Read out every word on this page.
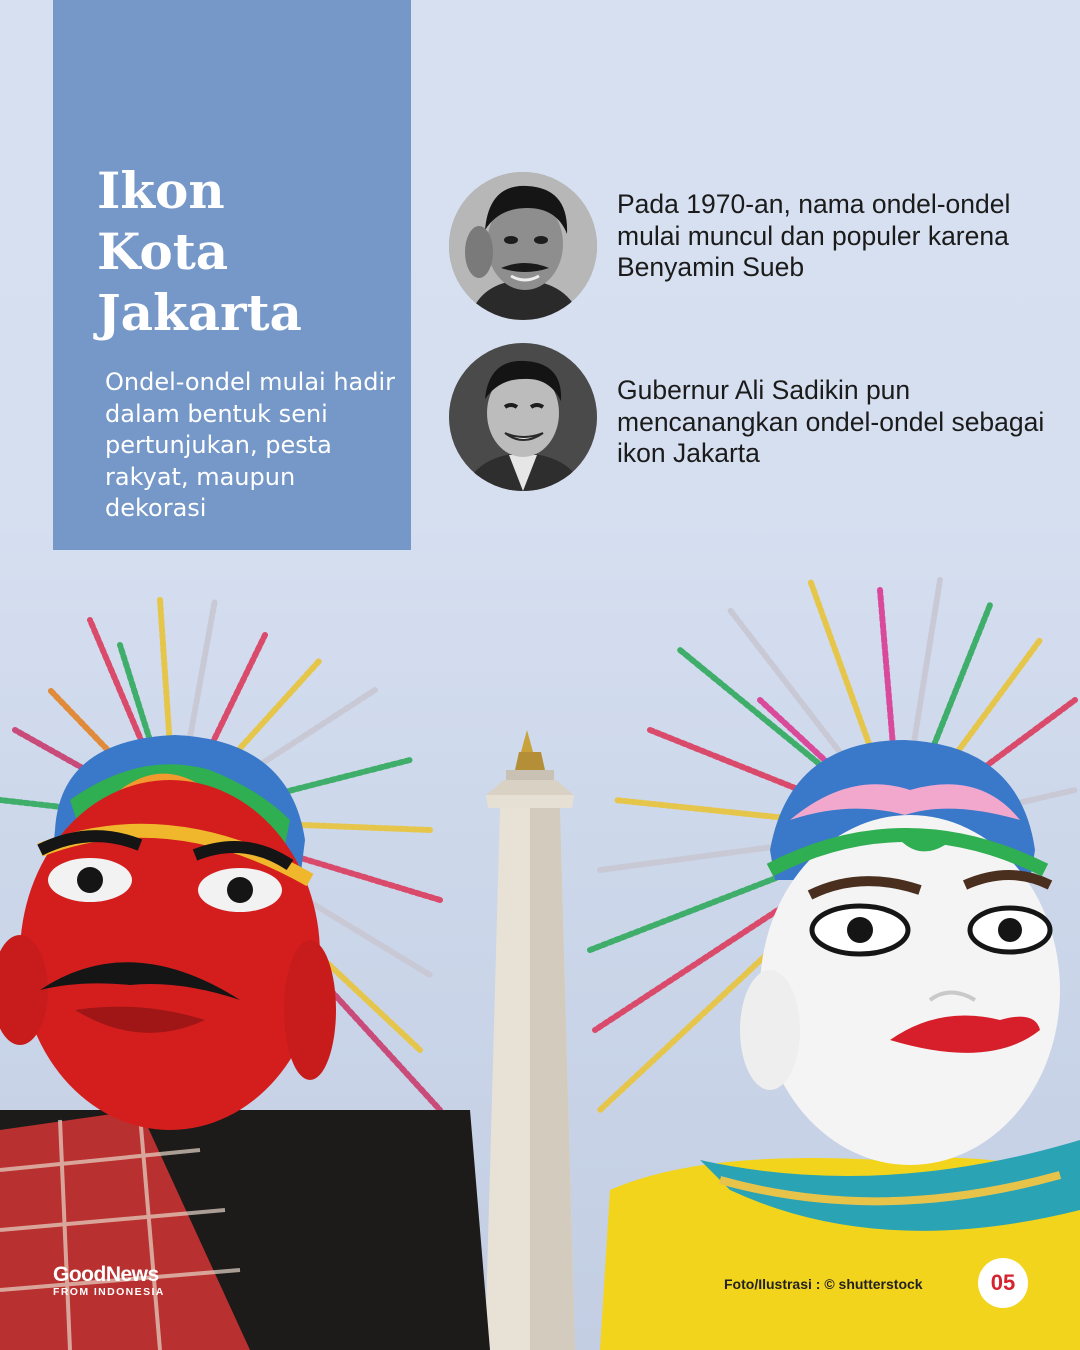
Ikon
Kota
Jakarta

Ondel-ondel mulai hadir dalam bentuk seni pertunjukan, pesta rakyat, maupun dekorasi

Pada 1970-an, nama ondel-ondel mulai muncul dan populer karena Benyamin Sueb

Gubernur Ali Sadikin pun mencanangkan ondel-ondel sebagai ikon Jakarta

GoodNews
FROM INDONESIA	Foto/Ilustrasi : © shutterstock	05
